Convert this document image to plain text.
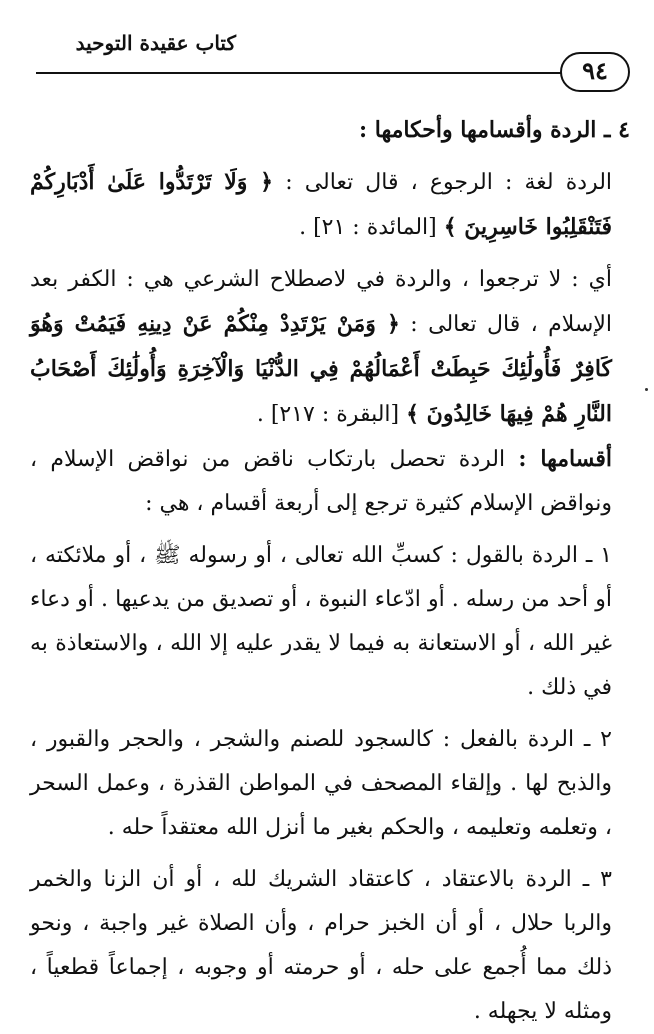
كتاب عقيدة التوحيد
٩٤

٤ ـ الردة وأقسامها وأحكامها :

الردة لغة : الرجوع ، قال تعالى : ﴿ وَلَا تَرْتَدُّوا عَلَىٰ أَدْبَارِكُمْ فَتَنْقَلِبُوا خَاسِرِينَ ﴾ [المائدة : ٢١] .

أي : لا ترجعوا ، والردة في لاصطلاح الشرعي هي : الكفر بعد الإسلام ، قال تعالى : ﴿ وَمَنْ يَرْتَدِدْ مِنْكُمْ عَنْ دِينِهِ فَيَمُتْ وَهُوَ كَافِرٌ فَأُولَٰئِكَ حَبِطَتْ أَعْمَالُهُمْ فِي الدُّنْيَا وَالْآخِرَةِ وَأُولَٰئِكَ أَصْحَابُ النَّارِ هُمْ فِيهَا خَالِدُونَ ﴾ [البقرة : ٢١٧] .

أقسامها : الردة تحصل بارتكاب ناقض من نواقض الإسلام ، ونواقض الإسلام كثيرة ترجع إلى أربعة أقسام ، هي :

١ ـ الردة بالقول : كسبِّ الله تعالى ، أو رسوله ﷺ ، أو ملائكته ، أو أحد من رسله . أو ادّعاء النبوة ، أو تصديق من يدعيها . أو دعاء غير الله ، أو الاستعانة به فيما لا يقدر عليه إلا الله ، والاستعاذة به في ذلك .

٢ ـ الردة بالفعل : كالسجود للصنم والشجر ، والحجر والقبور ، والذبح لها . وإلقاء المصحف في المواطن القذرة ، وعمل السحر ، وتعلمه وتعليمه ، والحكم بغير ما أنزل الله معتقداً حله .

٣ ـ الردة بالاعتقاد ، كاعتقاد الشريك لله ، أو أن الزنا والخمر والربا حلال ، أو أن الخبز حرام ، وأن الصلاة غير واجبة ، ونحو ذلك مما أُجمع على حله ، أو حرمته أو وجوبه ، إجماعاً قطعياً ، ومثله لا يجهله .
